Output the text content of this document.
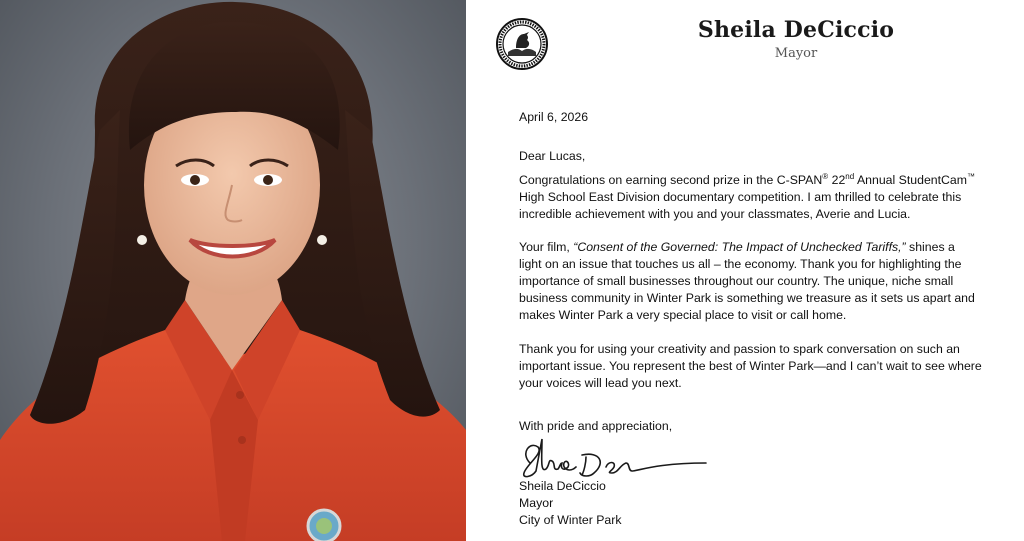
Sheila DeCiccio
Mayor
April 6, 2026
Dear Lucas,
Congratulations on earning second prize in the C-SPAN® 22nd Annual StudentCam™
High School East Division documentary competition. I am thrilled to celebrate this
incredible achievement with you and your classmates, Averie and Lucia.
Your film, “Consent of the Governed: The Impact of Unchecked Tariffs,” shines a
light on an issue that touches us all – the economy. Thank you for highlighting the
importance of small businesses throughout our country. The unique, niche small
business community in Winter Park is something we treasure as it sets us apart and
makes Winter Park a very special place to visit or call home.
Thank you for using your creativity and passion to spark conversation on such an
important issue. You represent the best of Winter Park—and I can’t wait to see where
your voices will lead you next.
With pride and appreciation,
Sheila DeCiccio
Mayor
City of Winter Park
